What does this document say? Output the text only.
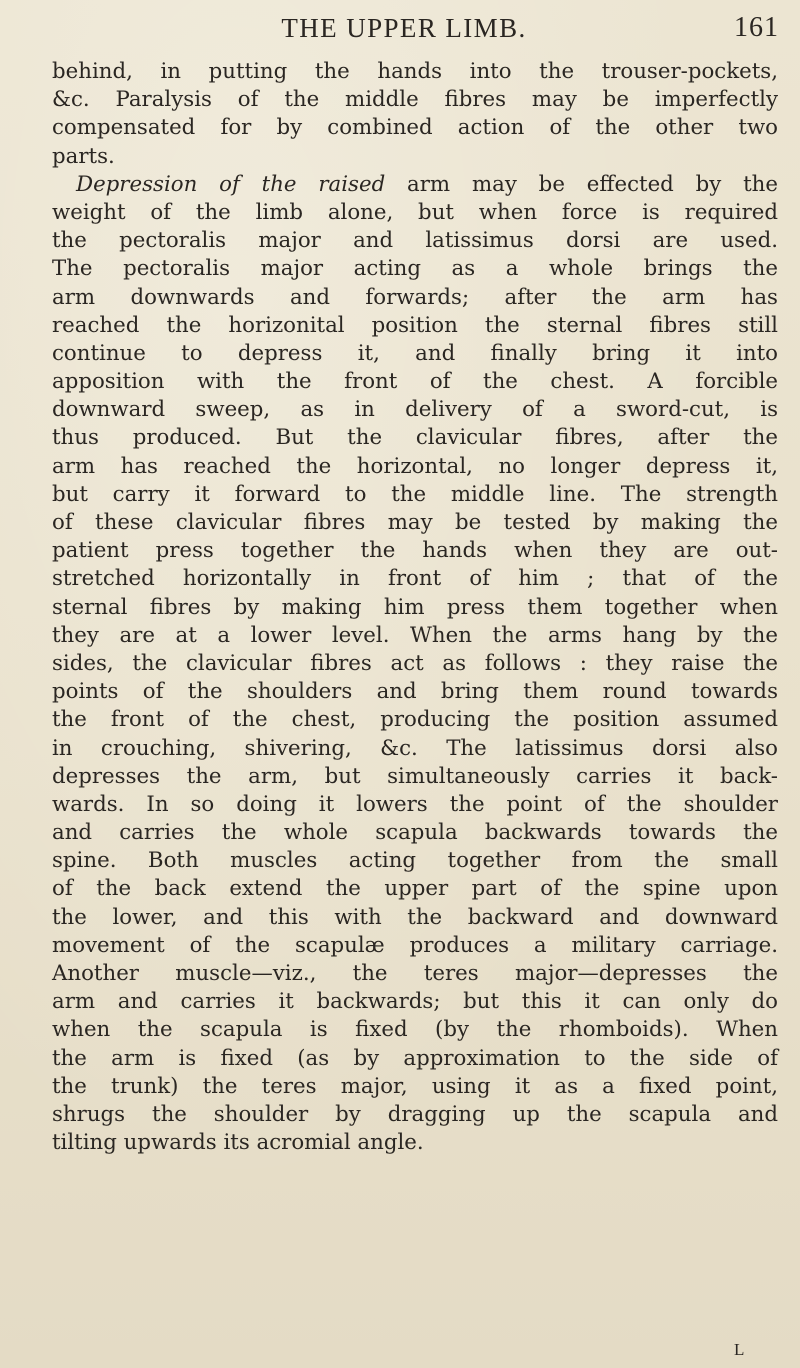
THE UPPER LIMB.	161
behind, in putting the hands into the trouser-pockets,
&c. Paralysis of the middle fibres may be imperfectly
compensated for by combined action of the other two
parts.
Depression of the raised arm may be effected by the
weight of the limb alone, but when force is required
the pectoralis major and latissimus dorsi are used.
The pectoralis major acting as a whole brings the
arm downwards and forwards; after the arm has
reached the horizonital position the sternal fibres still
continue to depress it, and finally bring it into
apposition with the front of the chest. A forcible
downward sweep, as in delivery of a sword-cut, is
thus produced. But the clavicular fibres, after the
arm has reached the horizontal, no longer depress it,
but carry it forward to the middle line. The strength
of these clavicular fibres may be tested by making the
patient press together the hands when they are out-
stretched horizontally in front of him ; that of the
sternal fibres by making him press them together when
they are at a lower level. When the arms hang by the
sides, the clavicular fibres act as follows : they raise the
points of the shoulders and bring them round towards
the front of the chest, producing the position assumed
in crouching, shivering, &c. The latissimus dorsi also
depresses the arm, but simultaneously carries it back-
wards. In so doing it lowers the point of the shoulder
and carries the whole scapula backwards towards the
spine. Both muscles acting together from the small
of the back extend the upper part of the spine upon
the lower, and this with the backward and downward
movement of the scapulæ produces a military carriage.
Another muscle—viz., the teres major—depresses the
arm and carries it backwards; but this it can only do
when the scapula is fixed (by the rhomboids). When
the arm is fixed (as by approximation to the side of
the trunk) the teres major, using it as a fixed point,
shrugs the shoulder by dragging up the scapula and
tilting upwards its acromial angle.
L
